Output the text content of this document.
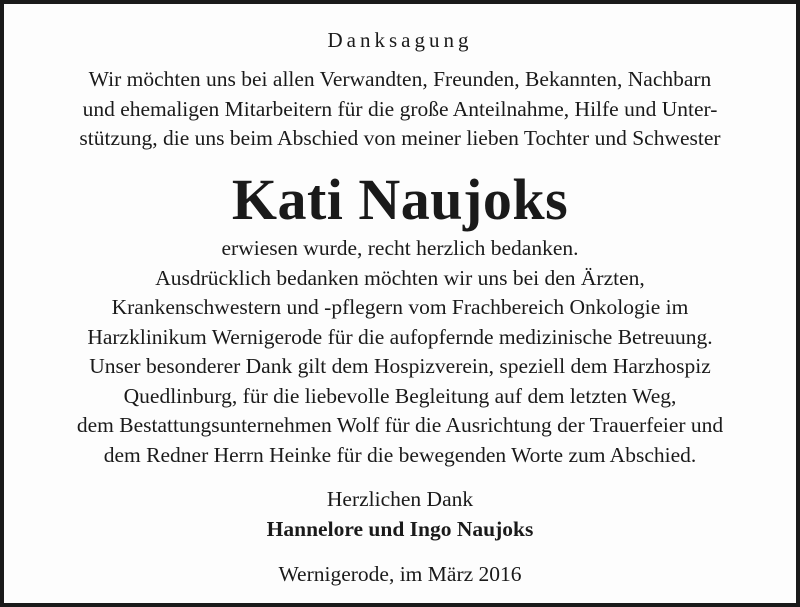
Danksagung

Wir möchten uns bei allen Verwandten, Freunden, Bekannten, Nachbarn
und ehemaligen Mitarbeitern für die große Anteilnahme, Hilfe und Unter-
stützung, die uns beim Abschied von meiner lieben Tochter und Schwester

Kati Naujoks

erwiesen wurde, recht herzlich bedanken.
Ausdrücklich bedanken möchten wir uns bei den Ärzten,
Krankenschwestern und -pflegern vom Frachbereich Onkologie im
Harzklinikum Wernigerode für die aufopfernde medizinische Betreuung.
Unser besonderer Dank gilt dem Hospizverein, speziell dem Harzhospiz
Quedlinburg, für die liebevolle Begleitung auf dem letzten Weg,
dem Bestattungsunternehmen Wolf für die Ausrichtung der Trauerfeier und
dem Redner Herrn Heinke für die bewegenden Worte zum Abschied.

Herzlichen Dank
Hannelore und Ingo Naujoks
Wernigerode, im März 2016
